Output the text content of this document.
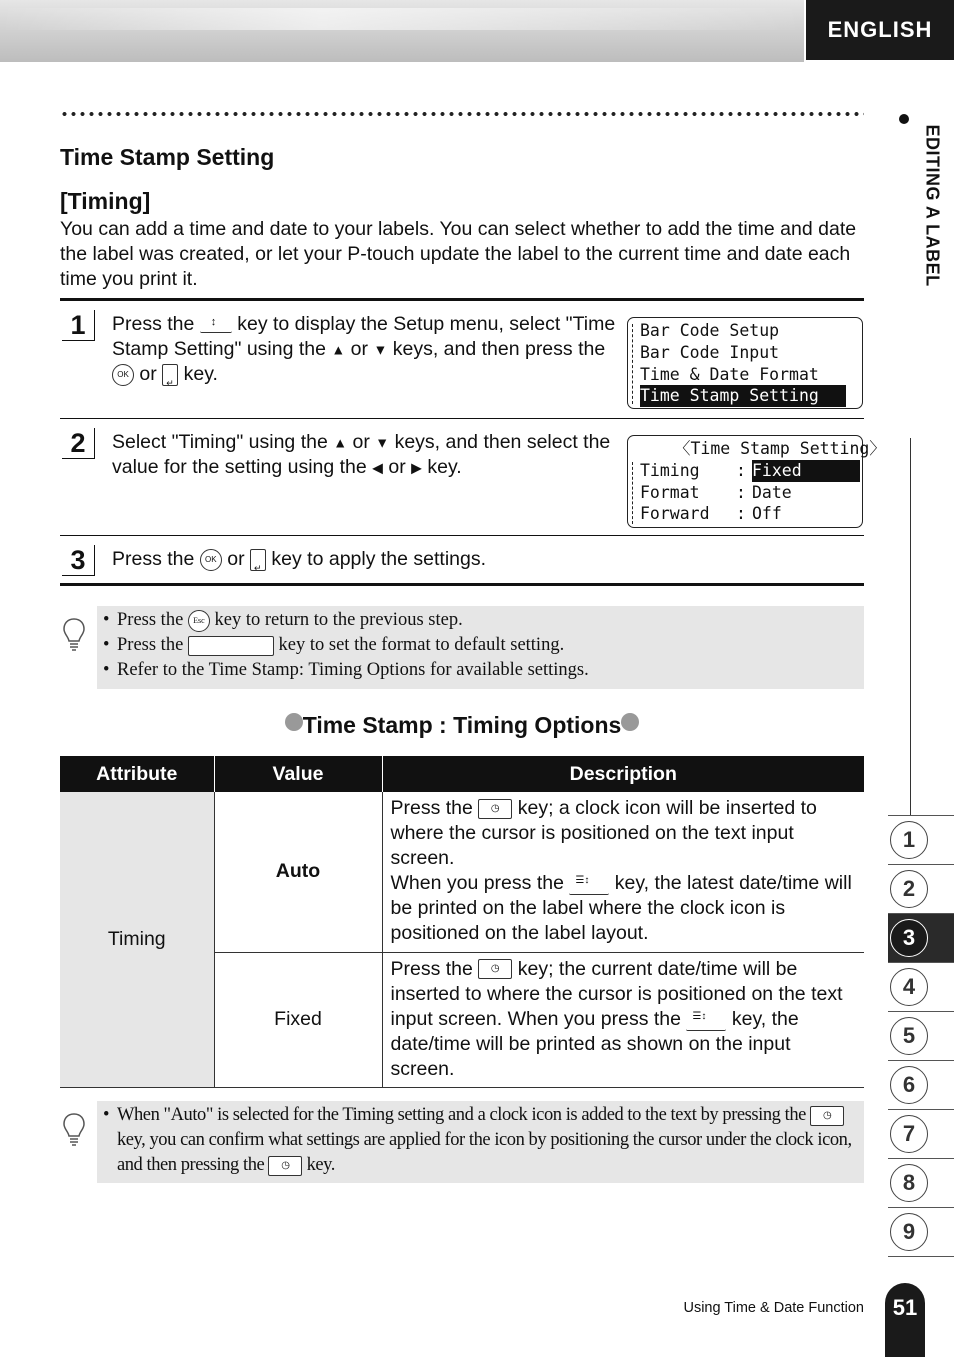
ENGLISH
EDITING A LABEL
1
2
3
4
5
6
7
8
9
Time Stamp Setting
[Timing]

You can add a time and date to your labels. You can select whether to add the time and date the label was created, or let your P-touch update the label to the current time and date each time you print it.

1	Press the ↕ key to display the Setup menu, select "Time Stamp Setting" using the ▲ or ▼ keys, and then press the OK or ↵ key.
Bar Code Setup
Bar Code Input
Time & Date Format
Time Stamp Setting
2	Select "Timing" using the ▲ or ▼ keys, and then select the value for the setting using the ◀ or ▶ key.
〈Time Stamp Setting〉
Timing : Fixed
Format : Date
Forward : Off
3	Press the OK or ↵ key to apply the settings.
• Press the Esc key to return to the previous step.
• Press the	key to set the format to default setting.
• Refer to the Time Stamp: Timing Options for available settings.
Time Stamp : Timing Options
Attribute	Value	Description
Timing	Auto	Press the ◷ key; a clock icon will be inserted to where the cursor is positioned on the text input screen.
When you press the ☰↕ key, the latest date/time will be printed on the label where the clock icon is positioned on the label layout.
	Fixed	Press the ◷ key; the current date/time will be inserted to where the cursor is positioned on the text input screen. When you press the ☰↕ key, the date/time will be printed as shown on the input screen.
• When "Auto" is selected for the Timing setting and a clock icon is added to the text by pressing the ◷ key, you can confirm what settings are applied for the icon by positioning the cursor under the clock icon, and then pressing the ◷ key.
Using Time & Date Function	51
